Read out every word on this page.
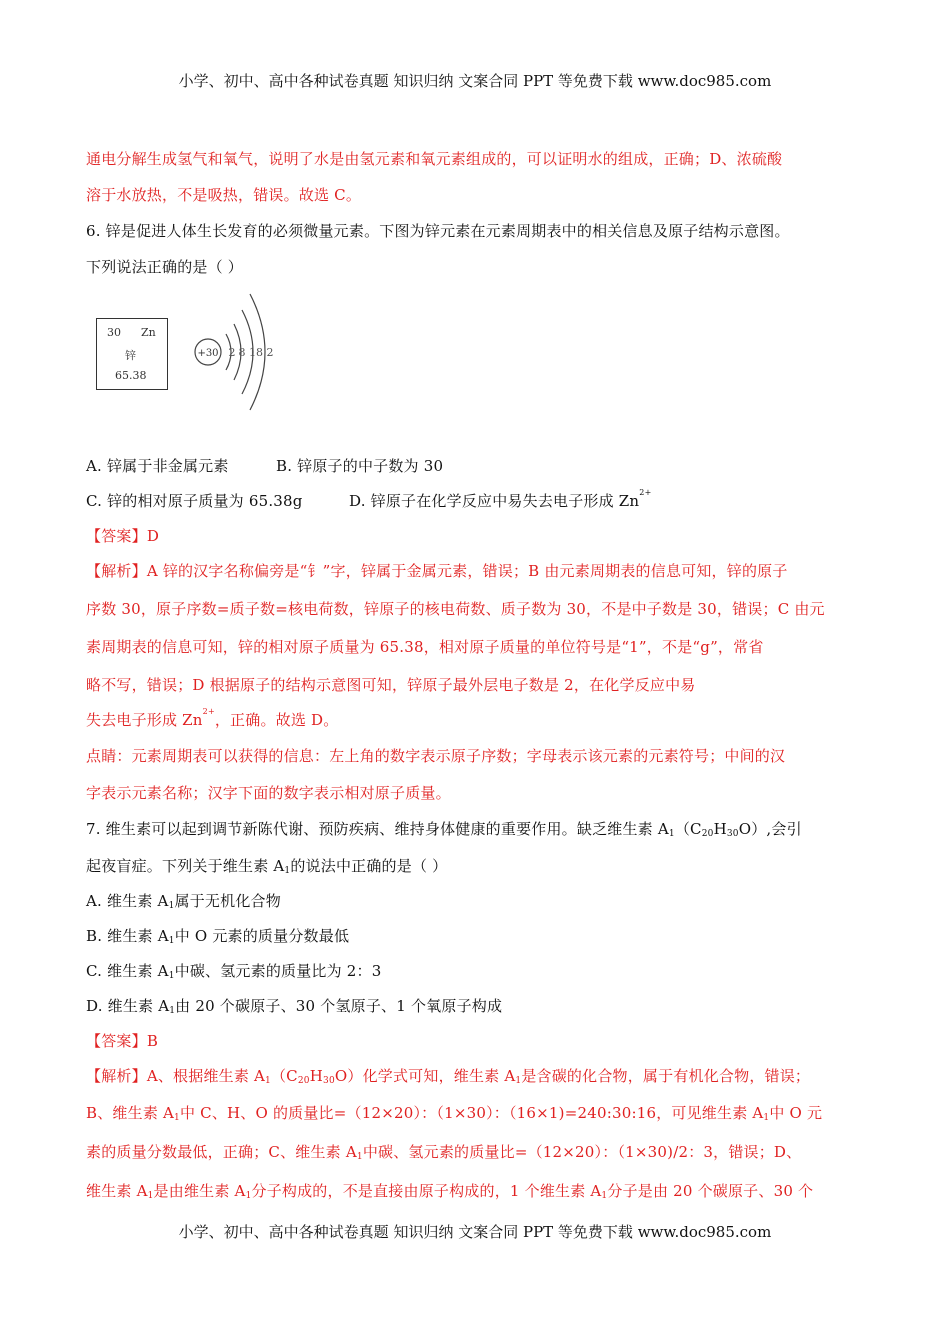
小学、初中、高中各种试卷真题 知识归纳 文案合同 PPT 等免费下载 www.doc985.com
通电分解生成氢气和氧气，说明了水是由氢元素和氧元素组成的，可以证明水的组成，正确；D、浓硫酸
溶于水放热，不是吸热，错误。故选 C。
6. 锌是促进人体生长发育的必须微量元素。下图为锌元素在元素周期表中的相关信息及原子结构示意图。
下列说法正确的是（ ）
30 Zn
锌
65.38
+30 2 8 18 2
A. 锌属于非金属元素	B. 锌原子的中子数为 30
C. 锌的相对原子质量为 65.38g	D. 锌原子在化学反应中易失去电子形成 $Zn^{2+}$
【答案】D
【解析】A 锌的汉字名称偏旁是“钅”字，锌属于金属元素，错误；B 由元素周期表的信息可知，锌的原子
序数 30，原子序数=质子数=核电荷数，锌原子的核电荷数、质子数为 30，不是中子数是 30，错误；C 由元
素周期表的信息可知，锌的相对原子质量为 65.38，相对原子质量的单位符号是“1”，不是“g”，常省
略不写，错误；D 根据原子的结构示意图可知，锌原子最外层电子数是 2，在化学反应中易
失去电子形成 $Zn^{2+}$，正确。故选 D。
点睛：元素周期表可以获得的信息：左上角的数字表示原子序数；字母表示该元素的元素符号；中间的汉
字表示元素名称；汉字下面的数字表示相对原子质量。
7. 维生素可以起到调节新陈代谢、预防疾病、维持身体健康的重要作用。缺乏维生素 $A_1(C_{20}H_{30}O)$,会引
起夜盲症。下列关于维生素 $A_1$的说法中正确的是（ ）
A. 维生素 $A_1$属于无机化合物
B. 维生素 $A_1$中 O 元素的质量分数最低
C. 维生素 $A_1$中碳、氢元素的质量比为 2：3
D. 维生素 $A_1$由 20 个碳原子、30 个氢原子、1 个氧原子构成
【答案】B
【解析】A、根据维生素 $A_1(C_{20}H_{30}O)$化学式可知，维生素 $A_1$是含碳的化合物，属于有机化合物，错误；
B、维生素 $A_1$中 C、H、O 的质量比=（12×20）：（1×30）：（16×1)=240:30:16，可见维生素 $A_1$中 O 元
素的质量分数最低，正确；C、维生素 $A_1$中碳、氢元素的质量比=（12×20）：（1×30)/2：3，错误；D、
维生素 $A_1$是由维生素 $A_1$分子构成的，不是直接由原子构成的，1 个维生素 $A_1$分子是由 20 个碳原子、30 个
小学、初中、高中各种试卷真题 知识归纳 文案合同 PPT 等免费下载 www.doc985.com
